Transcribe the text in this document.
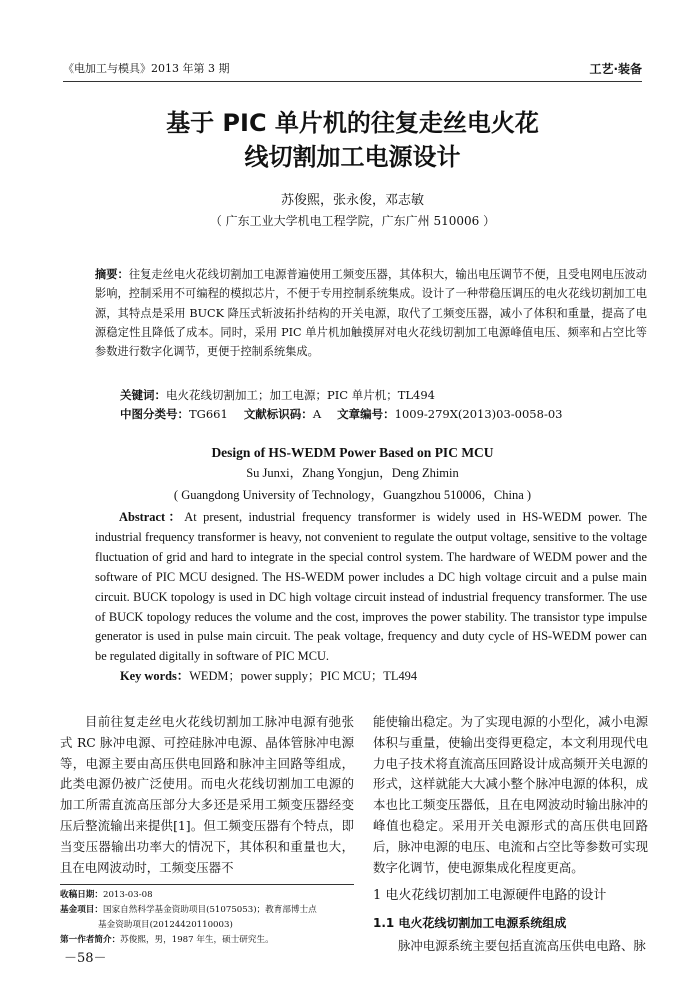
《电加工与模具》2013 年第 3 期	工艺·装备
基于 PIC 单片机的往复走丝电火花
线切割加工电源设计
苏俊熙，张永俊，邓志敏
（ 广东工业大学机电工程学院，广东广州 510006 ）
摘要：往复走丝电火花线切割加工电源普遍使用工频变压器，其体积大，输出电压调节不便，且受电网电压波动影响，控制采用不可编程的模拟芯片，不便于专用控制系统集成。设计了一种带稳压调压的电火花线切割加工电源，其特点是采用 BUCK 降压式斩波拓扑结构的开关电源，取代了工频变压器，减小了体积和重量，提高了电源稳定性且降低了成本。同时，采用 PIC 单片机加触摸屏对电火花线切割加工电源峰值电压、频率和占空比等参数进行数字化调节，更便于控制系统集成。
关键词：电火花线切割加工；加工电源；PIC 单片机；TL494
中图分类号：TG661 文献标识码：A 文章编号：1009-279X(2013)03-0058-03
Design of HS-WEDM Power Based on PIC MCU
Su Junxi，Zhang Yongjun，Deng Zhimin
( Guangdong University of Technology，Guangzhou 510006，China )
Abstract：At present, industrial frequency transformer is widely used in HS-WEDM power. The industrial frequency transformer is heavy, not convenient to regulate the output voltage, sensitive to the voltage fluctuation of grid and hard to integrate in the special control system. The hardware of WEDM power and the software of PIC MCU designed. The HS-WEDM power includes a DC high voltage circuit and a pulse main circuit. BUCK topology is used in DC high voltage circuit instead of industrial frequency transformer. The use of BUCK topology reduces the volume and the cost, improves the power stability. The transistor type impulse generator is used in pulse main circuit. The peak voltage, frequency and duty cycle of HS-WEDM power can be regulated digitally in software of PIC MCU.
Key words：WEDM；power supply；PIC MCU；TL494
目前往复走丝电火花线切割加工脉冲电源有弛张式 RC 脉冲电源、可控硅脉冲电源、晶体管脉冲电源等，电源主要由高压供电回路和脉冲主回路等组成，此类电源仍被广泛使用。而电火花线切割加工电源的加工所需直流高压部分大多还是采用工频变压器经变压后整流输出来提供[1]。但工频变压器有个特点，即当变压器输出功率大的情况下，其体积和重量也大，且在电网波动时，工频变压器不

能使输出稳定。为了实现电源的小型化，减小电源体积与重量，使输出变得更稳定，本文利用现代电力电子技术将直流高压回路设计成高频开关电源的形式，这样就能大大减小整个脉冲电源的体积，成本也比工频变压器低，且在电网波动时输出脉冲的峰值也稳定。采用开关电源形式的高压供电回路后，脉冲电源的电压、电流和占空比等参数可实现数字化调节，使电源集成化程度更高。

收稿日期：2013-03-08
基金项目：国家自然科学基金资助项目(51075053)；教育部博士点
基金资助项目(20124420110003)
第一作者简介：苏俊熙，男，1987 年生，硕士研究生。
－58－
1 电火花线切割加工电源硬件电路的设计
1.1 电火花线切割加工电源系统组成
脉冲电源系统主要包括直流高压供电电路、脉
